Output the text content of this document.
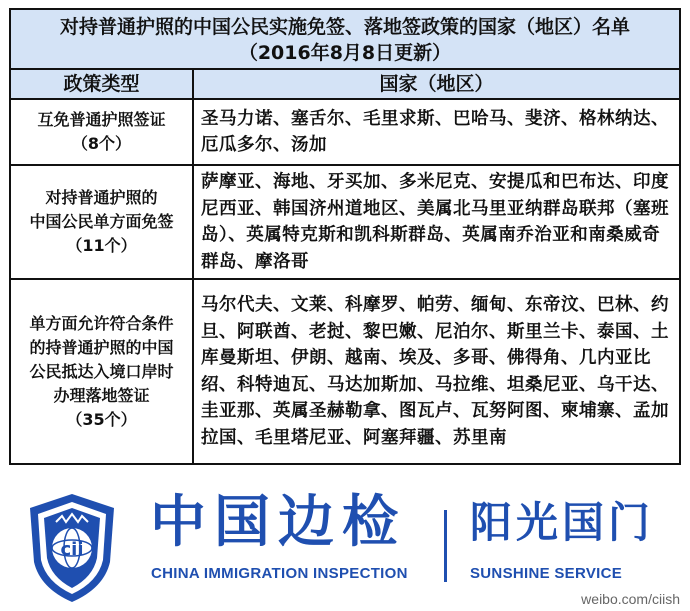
对持普通护照的中国公民实施免签、落地签政策的国家（地区）名单
（2016年8月8日更新）
政策类型	国家（地区）
互免普通护照签证
（8个）
圣马力诺、塞舌尔、毛里求斯、巴哈马、斐济、格林纳达、厄瓜多尔、汤加
对持普通护照的
中国公民单方面免签
（11个）
萨摩亚、海地、牙买加、多米尼克、安提瓜和巴布达、印度尼西亚、韩国济州道地区、美属北马里亚纳群岛联邦（塞班岛）、英属特克斯和凯科斯群岛、英属南乔治亚和南桑威奇群岛、摩洛哥
单方面允许符合条件
的持普通护照的中国
公民抵达入境口岸时
办理落地签证
（35个）
马尔代夫、文莱、科摩罗、帕劳、缅甸、东帝汶、巴林、约旦、阿联酋、老挝、黎巴嫩、尼泊尔、斯里兰卡、泰国、土库曼斯坦、伊朗、越南、埃及、多哥、佛得角、几内亚比绍、科特迪瓦、马达加斯加、马拉维、坦桑尼亚、乌干达、圭亚那、英属圣赫勒拿、图瓦卢、瓦努阿图、柬埔寨、孟加拉国、毛里塔尼亚、阿塞拜疆、苏里南
cii 中国边检
CHINA IMMIGRATION INSPECTION
阳光国门
SUNSHINE SERVICE
weibo.com/ciish
